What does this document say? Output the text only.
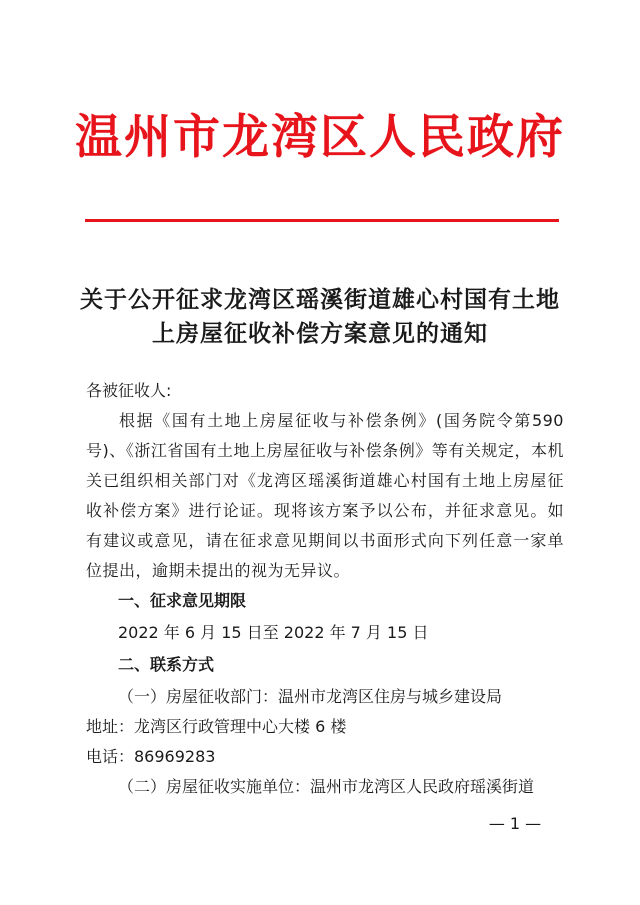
温州市龙湾区人民政府
关于公开征求龙湾区瑶溪街道雄心村国有土地
上房屋征收补偿方案意见的通知
各被征收人:
根据《国有土地上房屋征收与补偿条例》(国务院令第590号)、《浙江省国有土地上房屋征收与补偿条例》等有关规定，本机关已组织相关部门对《龙湾区瑶溪街道雄心村国有土地上房屋征收补偿方案》进行论证。现将该方案予以公布，并征求意见。如有建议或意见，请在征求意见期间以书面形式向下列任意一家单位提出，逾期未提出的视为无异议。
一、征求意见期限
2022 年 6 月 15 日至 2022 年 7 月 15 日
二、联系方式
（一）房屋征收部门：温州市龙湾区住房与城乡建设局
地址：龙湾区行政管理中心大楼 6 楼
电话：86969283
（二）房屋征收实施单位：温州市龙湾区人民政府瑶溪街道
— 1 —
